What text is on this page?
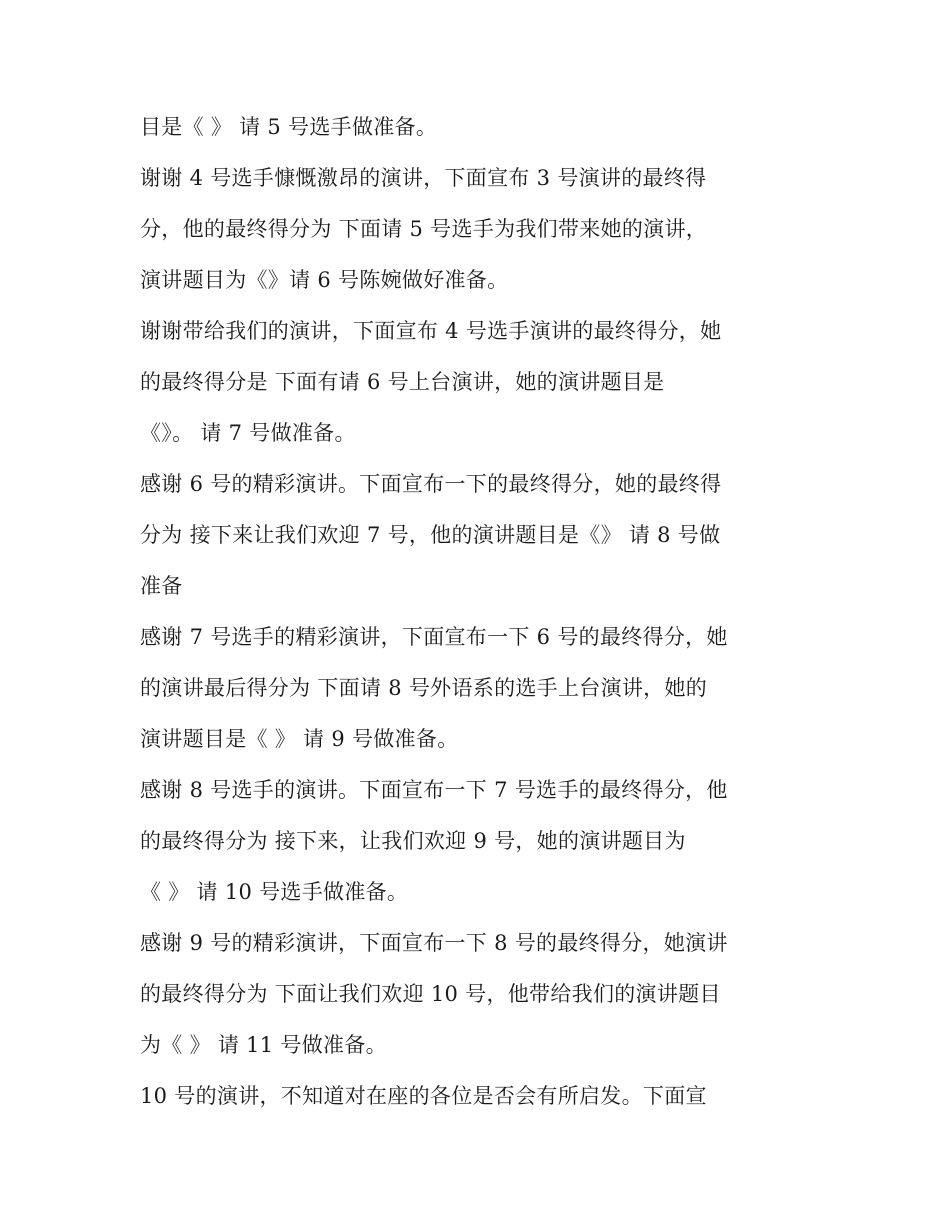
目是《 》 请 5 号选手做准备。
谢谢 4 号选手慷慨激昂的演讲，下面宣布 3 号演讲的最终得
分，他的最终得分为 下面请 5 号选手为我们带来她的演讲，
演讲题目为《》请 6 号陈婉做好准备。
谢谢带给我们的演讲，下面宣布 4 号选手演讲的最终得分，她
的最终得分是 下面有请 6 号上台演讲，她的演讲题目是
《》。 请 7 号做准备。
感谢 6 号的精彩演讲。下面宣布一下的最终得分，她的最终得
分为 接下来让我们欢迎 7 号，他的演讲题目是《》 请 8 号做
准备
感谢 7 号选手的精彩演讲，下面宣布一下 6 号的最终得分，她
的演讲最后得分为 下面请 8 号外语系的选手上台演讲，她的
演讲题目是《 》 请 9 号做准备。
感谢 8 号选手的演讲。下面宣布一下 7 号选手的最终得分，他
的最终得分为 接下来，让我们欢迎 9 号，她的演讲题目为
《 》 请 10 号选手做准备。
感谢 9 号的精彩演讲，下面宣布一下 8 号的最终得分，她演讲
的最终得分为 下面让我们欢迎 10 号，他带给我们的演讲题目
为《 》 请 11 号做准备。
10 号的演讲，不知道对在座的各位是否会有所启发。下面宣
